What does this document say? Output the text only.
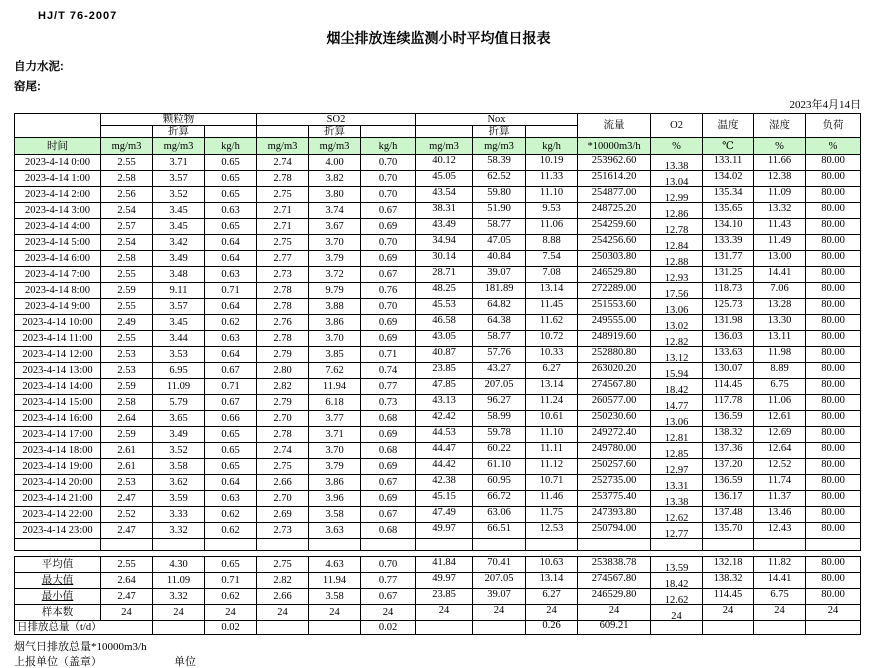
HJ/T 76-2007
烟尘排放连续监测小时平均值日报表
自力水泥:
窑尾:
2023年4月14日
	颗粒物			SO2			Nox			流量	O2	温度	湿度	负荷
		折算			折算			折算						
时间	mg/m3	mg/m3	kg/h	mg/m3	mg/m3	kg/h	mg/m3	mg/m3	kg/h	*10000m3/h	%	℃	%	%
2023-4-14 0:00	2.55	3.71	0.65	2.74	4.00	0.70	40.12	58.39	10.19	253962.60	13.38	133.11	11.66	80.00
2023-4-14 1:00	2.58	3.57	0.65	2.78	3.82	0.70	45.05	62.52	11.33	251614.20	13.04	134.02	12.38	80.00
2023-4-14 2:00	2.56	3.52	0.65	2.75	3.80	0.70	43.54	59.80	11.10	254877.00	12.99	135.34	11.09	80.00
2023-4-14 3:00	2.54	3.45	0.63	2.71	3.74	0.67	38.31	51.90	9.53	248725.20	12.86	135.65	13.32	80.00
2023-4-14 4:00	2.57	3.45	0.65	2.71	3.67	0.69	43.49	58.77	11.06	254259.60	12.78	134.10	11.43	80.00
2023-4-14 5:00	2.54	3.42	0.64	2.75	3.70	0.70	34.94	47.05	8.88	254256.60	12.84	133.39	11.49	80.00
2023-4-14 6:00	2.58	3.49	0.64	2.77	3.79	0.69	30.14	40.84	7.54	250303.80	12.88	131.77	13.00	80.00
2023-4-14 7:00	2.55	3.48	0.63	2.73	3.72	0.67	28.71	39.07	7.08	246529.80	12.93	131.25	14.41	80.00
2023-4-14 8:00	2.59	9.11	0.71	2.78	9.79	0.76	48.25	181.89	13.14	272289.00	17.56	118.73	7.06	80.00
2023-4-14 9:00	2.55	3.57	0.64	2.78	3.88	0.70	45.53	64.82	11.45	251553.60	13.06	125.73	13.28	80.00
2023-4-14 10:00	2.49	3.45	0.62	2.76	3.86	0.69	46.58	64.38	11.62	249555.00	13.02	131.98	13.30	80.00
2023-4-14 11:00	2.55	3.44	0.63	2.78	3.70	0.69	43.05	58.77	10.72	248919.60	12.82	136.03	13.11	80.00
2023-4-14 12:00	2.53	3.53	0.64	2.79	3.85	0.71	40.87	57.76	10.33	252880.80	13.12	133.63	11.98	80.00
2023-4-14 13:00	2.53	6.95	0.67	2.80	7.62	0.74	23.85	43.27	6.27	263020.20	15.94	130.07	8.89	80.00
2023-4-14 14:00	2.59	11.09	0.71	2.82	11.94	0.77	47.85	207.05	13.14	274567.80	18.42	114.45	6.75	80.00
2023-4-14 15:00	2.58	5.79	0.67	2.79	6.18	0.73	43.13	96.27	11.24	260577.00	14.77	117.78	11.06	80.00
2023-4-14 16:00	2.64	3.65	0.66	2.70	3.77	0.68	42.42	58.99	10.61	250230.60	13.06	136.59	12.61	80.00
2023-4-14 17:00	2.59	3.49	0.65	2.78	3.71	0.69	44.53	59.78	11.10	249272.40	12.81	138.32	12.69	80.00
2023-4-14 18:00	2.61	3.52	0.65	2.74	3.70	0.68	44.47	60.22	11.11	249780.00	12.85	137.36	12.64	80.00
2023-4-14 19:00	2.61	3.58	0.65	2.75	3.79	0.69	44.42	61.10	11.12	250257.60	12.97	137.20	12.52	80.00
2023-4-14 20:00	2.53	3.62	0.64	2.66	3.86	0.67	42.38	60.95	10.71	252735.00	13.31	136.59	11.74	80.00
2023-4-14 21:00	2.47	3.59	0.63	2.70	3.96	0.69	45.15	66.72	11.46	253775.40	13.38	136.17	11.37	80.00
2023-4-14 22:00	2.52	3.33	0.62	2.69	3.58	0.67	47.49	63.06	11.75	247393.80	12.62	137.48	13.46	80.00
2023-4-14 23:00	2.47	3.32	0.62	2.73	3.63	0.68	49.97	66.51	12.53	250794.00	12.77	135.70	12.43	80.00

平均值	2.55	4.30	0.65	2.75	4.63	0.70	41.84	70.41	10.63	253838.78	13.59	132.18	11.82	80.00
最大值	2.64	11.09	0.71	2.82	11.94	0.77	49.97	207.05	13.14	274567.80	18.42	138.32	14.41	80.00
最小值	2.47	3.32	0.62	2.66	3.58	0.67	23.85	39.07	6.27	246529.80	12.62	114.45	6.75	80.00
样本数	24	24	24	24	24	24	24	24	24	24	24	24	24	24
日排放总量（t/d）			0.02			0.02			0.26	609.21				
烟气日排放总量*10000m3/h
上报单位（盖章）	单位
